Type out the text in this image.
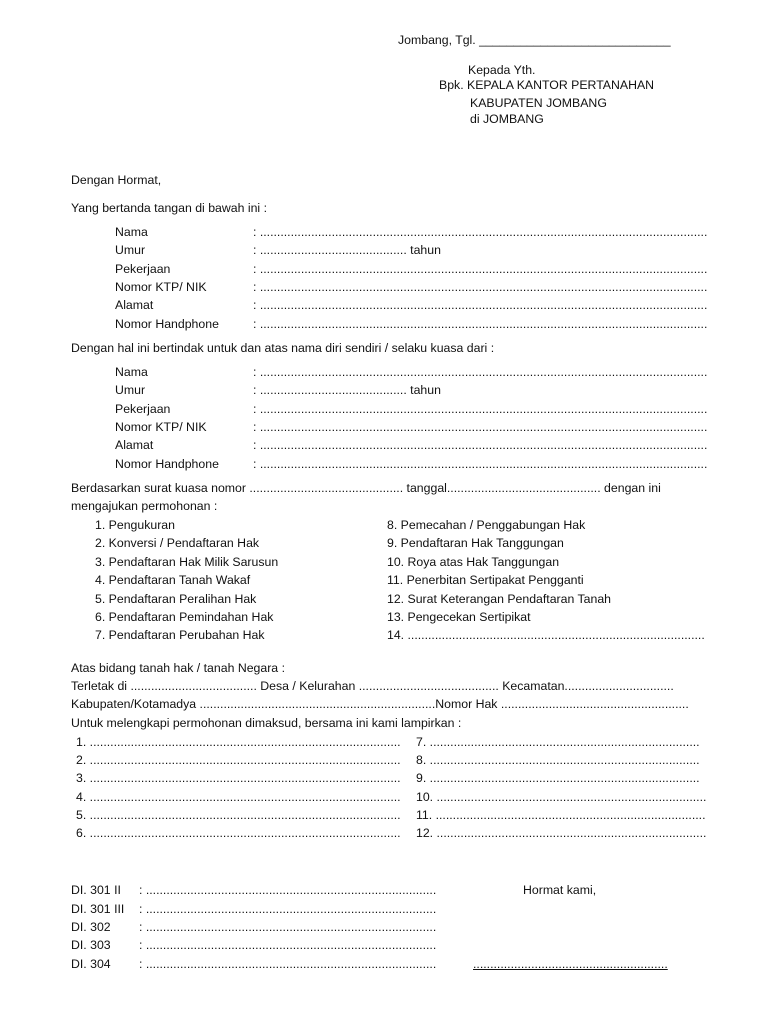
Jombang, Tgl. ____________________________
Kepada Yth.
Bpk. KEPALA KANTOR PERTANAHAN
KABUPATEN JOMBANG
di JOMBANG
Dengan Hormat,
Yang bertanda tangan di bawah ini :
Nama	: ...................................................................................................................................
Umur	: ........................................... tahun
Pekerjaan	: ...................................................................................................................................
Nomor KTP/ NIK	: ...................................................................................................................................
Alamat	: ...................................................................................................................................
Nomor Handphone	: ...................................................................................................................................
Dengan hal ini bertindak untuk dan atas nama diri sendiri / selaku kuasa dari :
Nama	: ...................................................................................................................................
Umur	: ........................................... tahun
Pekerjaan	: ...................................................................................................................................
Nomor KTP/ NIK	: ...................................................................................................................................
Alamat	: ...................................................................................................................................
Nomor Handphone	: ...................................................................................................................................
Berdasarkan surat kuasa nomor ............................................. tanggal............................................. dengan ini
mengajukan permohonan :
1. Pengukuran
2. Konversi / Pendaftaran Hak
3. Pendaftaran Hak Milik Sarusun
4. Pendaftaran Tanah Wakaf
5. Pendaftaran Peralihan Hak
6. Pendaftaran Pemindahan Hak
7. Pendaftaran Perubahan Hak
8. Pemecahan / Penggabungan Hak
9. Pendaftaran Hak Tanggungan
10. Roya atas Hak Tanggungan
11. Penerbitan Sertipakat Pengganti
12. Surat Keterangan Pendaftaran Tanah
13. Pengecekan Sertipikat
14. .......................................................................................
Atas bidang tanah hak / tanah Negara :
Terletak di ..................................... Desa / Kelurahan ......................................... Kecamatan................................
Kabupaten/Kotamadya .....................................................................Nomor Hak .......................................................
Untuk melengkapi permohonan dimaksud, bersama ini kami lampirkan :
1. ...........................................................................................
2. ...........................................................................................
3. ...........................................................................................
4. ...........................................................................................
5. ...........................................................................................
6. ...........................................................................................
7. ...............................................................................
8. ...............................................................................
9. ...............................................................................
10. ...............................................................................
11. ...............................................................................
12. ...............................................................................
DI. 301 II : .....................................................................................
DI. 301 III : .....................................................................................
DI. 302 : .....................................................................................
DI. 303 : .....................................................................................
DI. 304 : .....................................................................................
Hormat kami,
.........................................................
